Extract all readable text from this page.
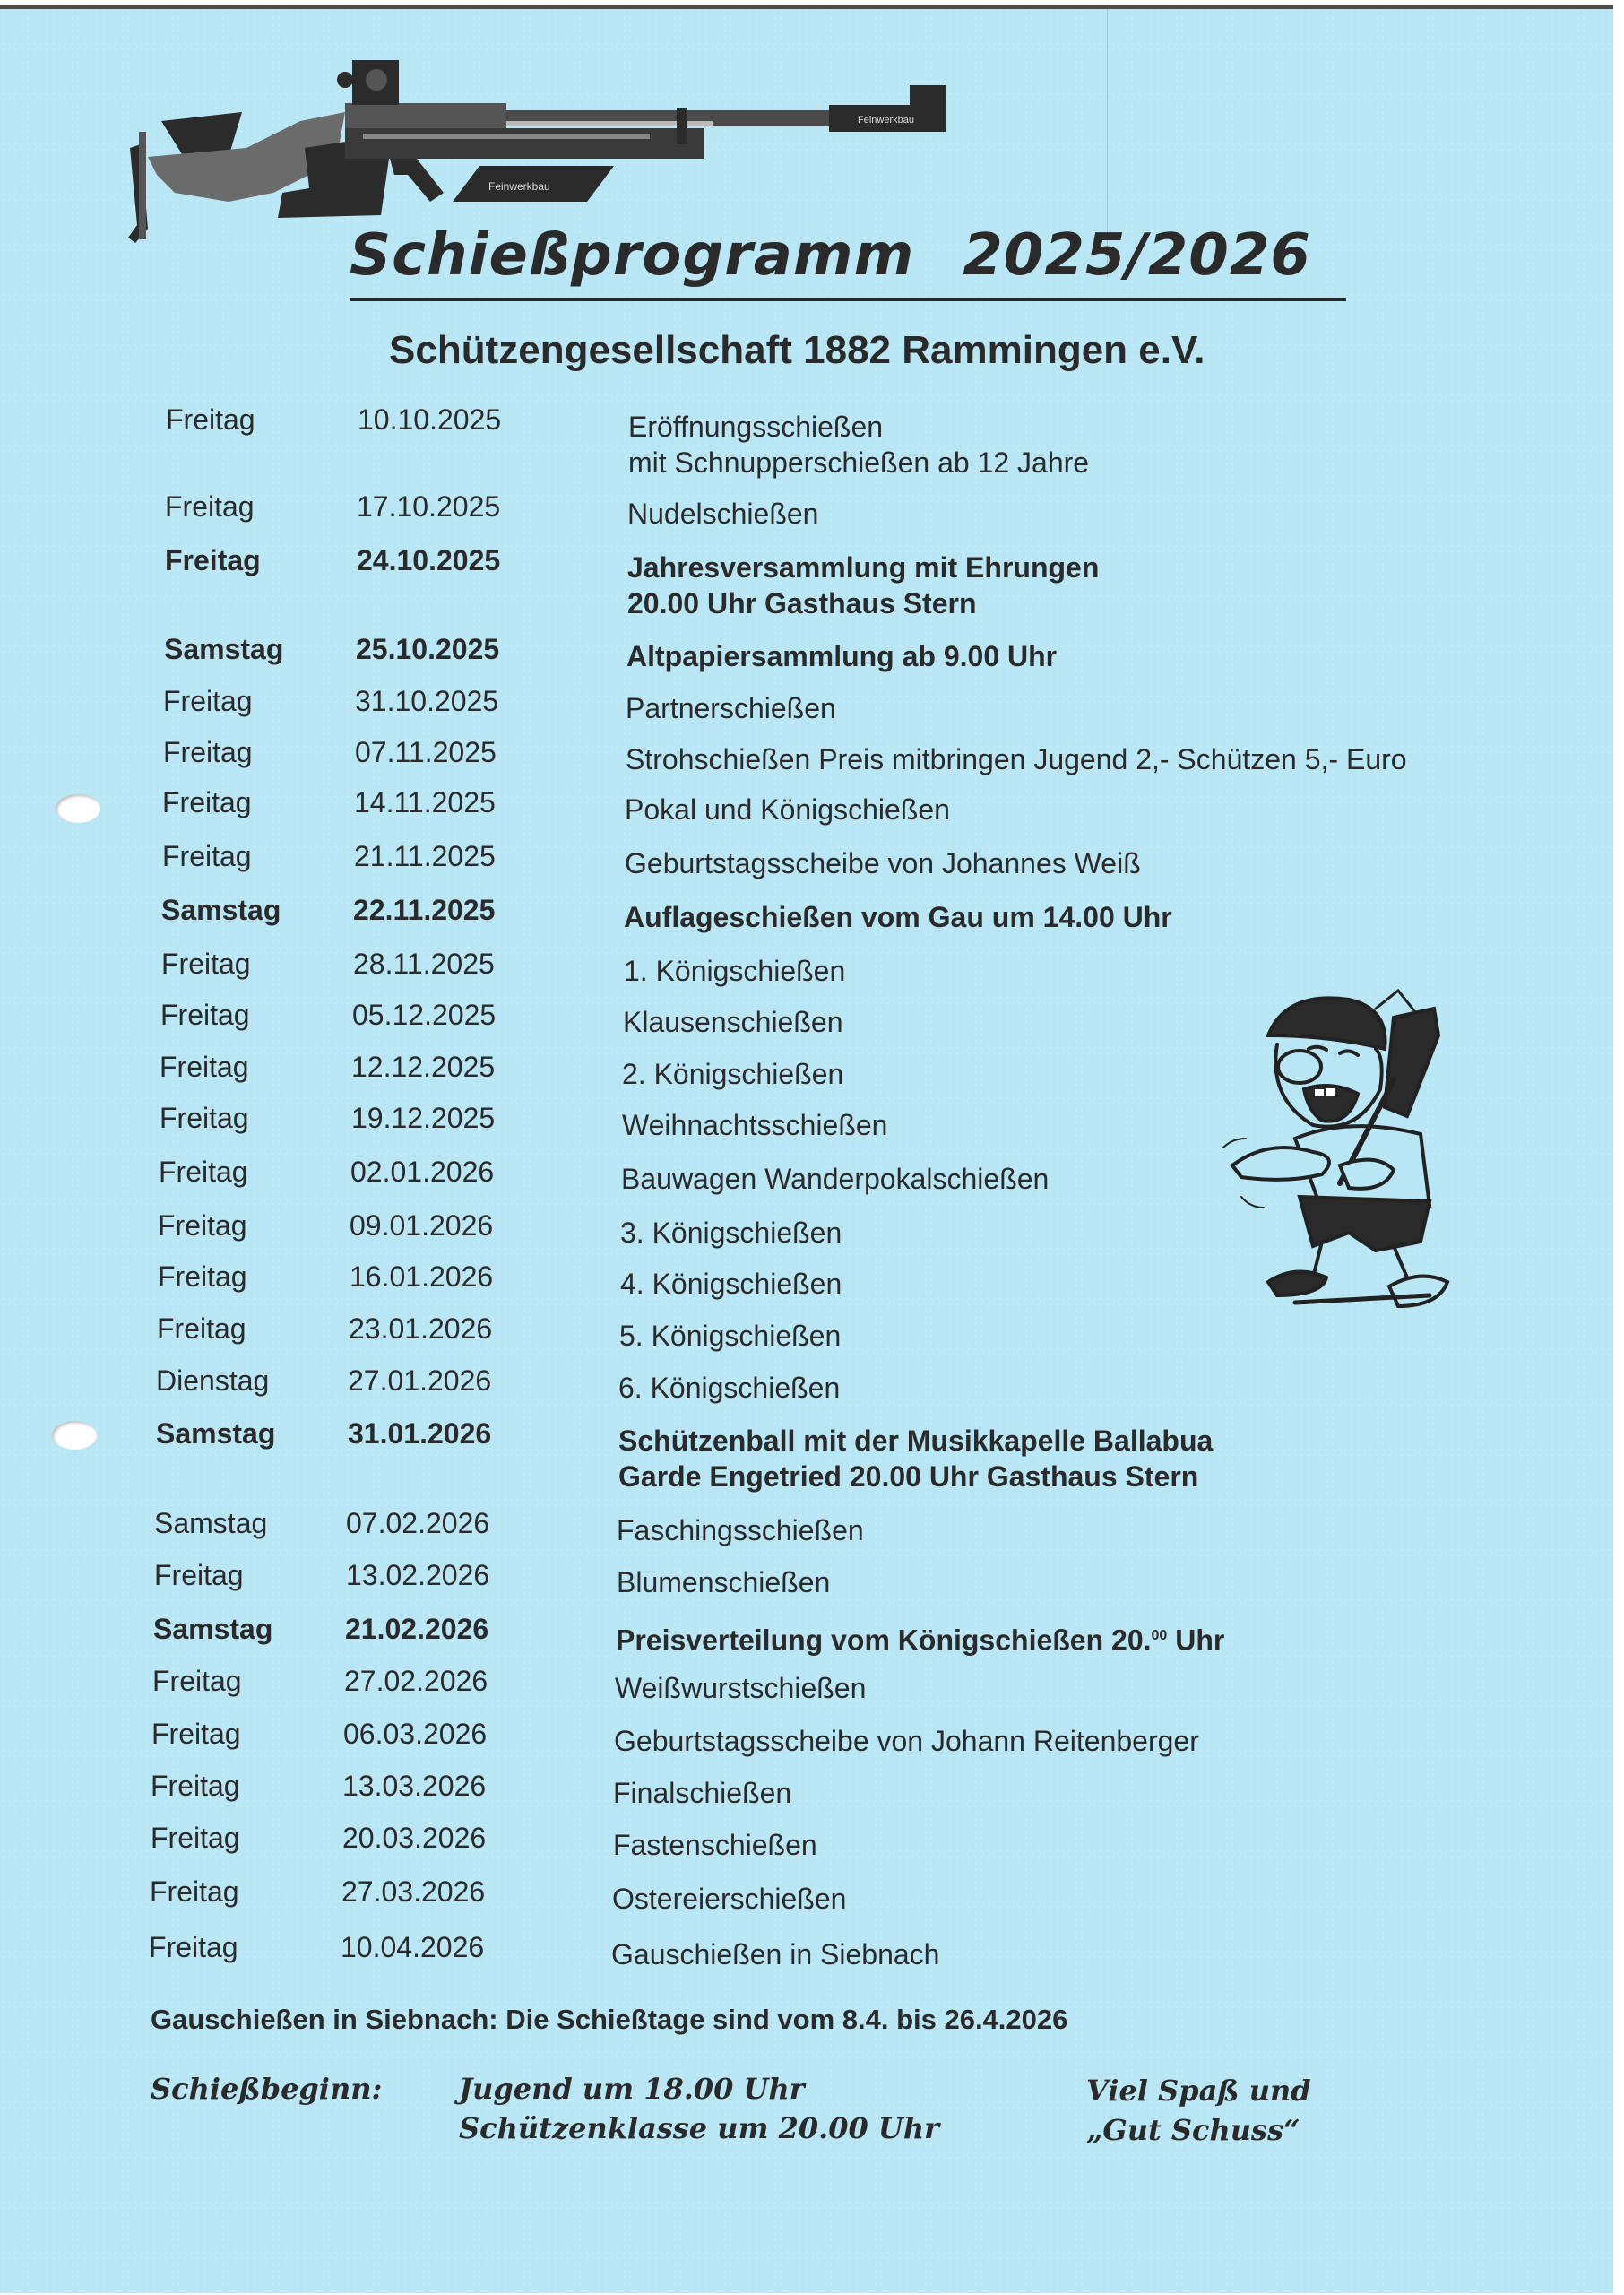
Feinwerkbau
Feinwerkbau
Schießprogramm 2025/2026
Schützengesellschaft 1882 Rammingen e.V.
Freitag	10.10.2025	Eröffnungsschießen
mit Schnupperschießen ab 12 Jahre
Freitag	17.10.2025	Nudelschießen
Freitag	24.10.2025	Jahresversammlung mit Ehrungen
20.00 Uhr Gasthaus Stern
Samstag	25.10.2025	Altpapiersammlung ab 9.00 Uhr
Freitag	31.10.2025	Partnerschießen
Freitag	07.11.2025	Strohschießen Preis mitbringen Jugend 2,- Schützen 5,- Euro
Freitag	14.11.2025	Pokal und Königschießen
Freitag	21.11.2025	Geburtstagsscheibe von Johannes Weiß
Samstag	22.11.2025	Auflageschießen vom Gau um 14.00 Uhr
Freitag	28.11.2025	1. Königschießen
Freitag	05.12.2025	Klausenschießen
Freitag	12.12.2025	2. Königschießen
Freitag	19.12.2025	Weihnachtsschießen
Freitag	02.01.2026	Bauwagen Wanderpokalschießen
Freitag	09.01.2026	3. Königschießen
Freitag	16.01.2026	4. Königschießen
Freitag	23.01.2026	5. Königschießen
Dienstag	27.01.2026	6. Königschießen
Samstag	31.01.2026	Schützenball mit der Musikkapelle Ballabua
Garde Engetried 20.00 Uhr Gasthaus Stern
Samstag	07.02.2026	Faschingsschießen
Freitag	13.02.2026	Blumenschießen
Samstag	21.02.2026	Preisverteilung vom Königschießen 20.00 Uhr
Freitag	27.02.2026	Weißwurstschießen
Freitag	06.03.2026	Geburtstagsscheibe von Johann Reitenberger
Freitag	13.03.2026	Finalschießen
Freitag	20.03.2026	Fastenschießen
Freitag	27.03.2026	Ostereierschießen
Freitag	10.04.2026	Gauschießen in Siebnach
Gauschießen in Siebnach: Die Schießtage sind vom 8.4. bis 26.4.2026
Schießbeginn:	Jugend um 18.00 Uhr
Schützenklasse um 20.00 Uhr
Viel Spaß und
„Gut Schuss“
